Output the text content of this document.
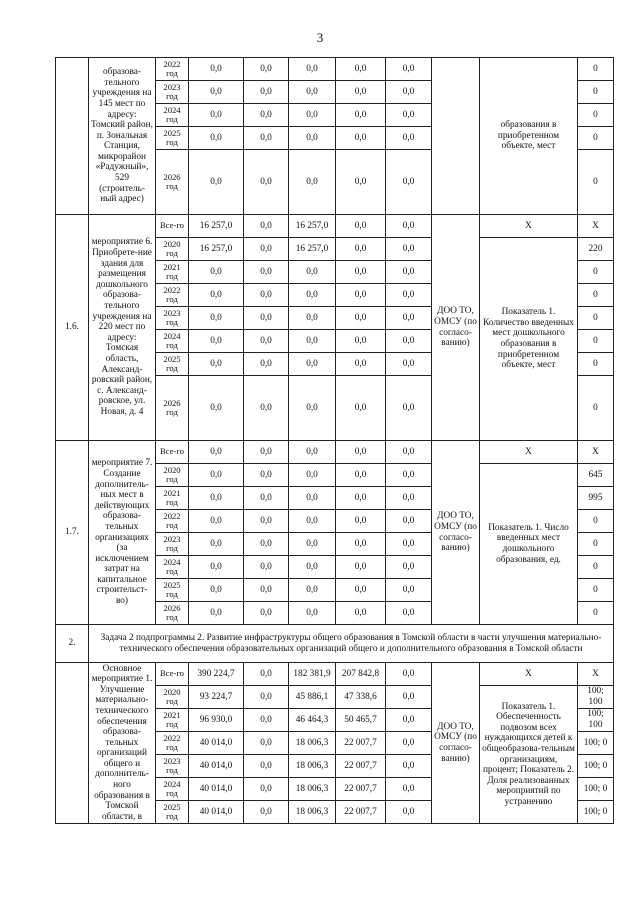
3
	образова-тельного учреждения на 145 мест по адресу: Томский район, п. Зональная Станция, микрорайон «Радужный», 529 (строитель-ный адрес)	2022 год	0,0	0,0	0,0	0,0	0,0		образования в приобретенном объекте, мест	0
		2023 год	0,0	0,0	0,0	0,0	0,0			0
		2024 год	0,0	0,0	0,0	0,0	0,0			0
		2025 год	0,0	0,0	0,0	0,0	0,0			0
		2026 год	0,0	0,0	0,0	0,0	0,0			0
1.6.	мероприятие 6. Приобрете-ние здания для размещения дошкольного образова-тельного учреждения на 220 мест по адресу: Томская область, Александ-ровский район, с. Александ-ровское, ул. Новая, д. 4	Все-го	16 257,0	0,0	16 257,0	0,0	0,0	ДОО ТО, ОМСУ (по согласо-ванию)	X	X
		2020 год	16 257,0	0,0	16 257,0	0,0	0,0		Показатель 1. Количество введенных мест дошкольного образования в приобретенном объекте, мест	220
		2021 год	0,0	0,0	0,0	0,0	0,0			0
		2022 год	0,0	0,0	0,0	0,0	0,0			0
		2023 год	0,0	0,0	0,0	0,0	0,0			0
		2024 год	0,0	0,0	0,0	0,0	0,0			0
		2025 год	0,0	0,0	0,0	0,0	0,0			0
		2026 год	0,0	0,0	0,0	0,0	0,0			0
1.7.	мероприятие 7. Создание дополнитель-ных мест в действующих образова-тельных организациях (за исключением затрат на капитальное строительст-во)	Все-го	0,0	0,0	0,0	0,0	0,0	ДОО ТО, ОМСУ (по согласо-ванию)	X	X
		2020 год	0,0	0,0	0,0	0,0	0,0		Показатель 1. Число введенных мест дошкольного образования, ед.	645
		2021 год	0,0	0,0	0,0	0,0	0,0			995
		2022 год	0,0	0,0	0,0	0,0	0,0			0
		2023 год	0,0	0,0	0,0	0,0	0,0			0
		2024 год	0,0	0,0	0,0	0,0	0,0			0
		2025 год	0,0	0,0	0,0	0,0	0,0			0
		2026 год	0,0	0,0	0,0	0,0	0,0			0
2.	Задача 2 подпрограммы 2. Развитие инфраструктуры общего образования в Томской области в части улучшения материально-технического обеспечения образовательных организаций общего и дополнительного образования в Томской области									
	Основное мероприятие 1. Улучшение материально-технического обеспечения образова-тельных организаций общего и дополнитель-ного образования в Томской области, в	Все-го	390 224,7	0,0	182 381,9	207 842,8	0,0	ДОО ТО, ОМСУ (по согласо-ванию)	X	X
		2020 год	93 224,7	0,0	45 886,1	47 338,6	0,0		Показатель 1. Обеспеченность подвозом всех нуждающихся детей к общеобразова-тельным организациям, процент; Показатель 2. Доля реализованных мероприятий по устранению	100; 100
		2021 год	96 930,0	0,0	46 464,3	50 465,7	0,0			100; 100
		2022 год	40 014,0	0,0	18 006,3	22 007,7	0,0			100; 0
		2023 год	40 014,0	0,0	18 006,3	22 007,7	0,0			100; 0
		2024 год	40 014,0	0,0	18 006,3	22 007,7	0,0			100; 0
		2025 год	40 014,0	0,0	18 006,3	22 007,7	0,0			100; 0
